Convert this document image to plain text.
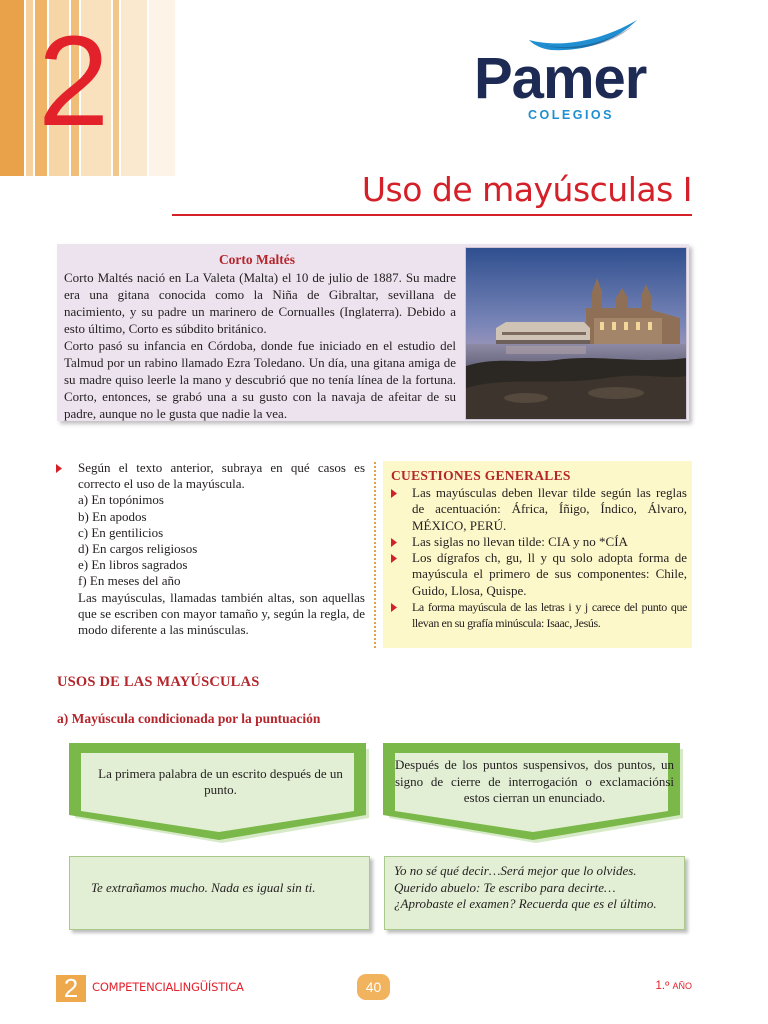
2	Pamer
COLEGIOS
Uso de mayúsculas I
Corto Maltés

Corto Maltés nació en La Valeta (Malta) el 10 de julio de 1887. Su madre era una gitana conocida como la Niña de Gibraltar, sevillana de nacimiento, y su padre un marinero de Cornualles (Inglaterra). Debido a esto último, Corto es súbdito británico.

Corto pasó su infancia en Córdoba, donde fue iniciado en el estudio del Talmud por un rabino llamado Ezra Toledano. Un día, una gitana amiga de su madre quiso leerle la mano y descubrió que no tenía línea de la fortuna. Corto, entonces, se grabó una a su gusto con la navaja de afeitar de su padre, aunque no le gusta que nadie la vea.

Según el texto anterior, subraya en qué casos es correcto el uso de la mayúscula.
a) En topónimos
b) En apodos
c) En gentilicios
d) En cargos religiosos
e) En libros sagrados
f) En meses del año

Las mayúsculas, llamadas también altas, son aquellas que se escriben con mayor tamaño y, según la regla, de modo diferente a las minúsculas.

CUESTIONES GENERALES
Las mayúsculas deben llevar tilde según las reglas de acentuación: África, Íñigo, Índico, Álvaro, MÉXICO, PERÚ.
Las siglas no llevan tilde: CIA y no *CÍA
Los dígrafos ch, gu, ll y qu solo adopta forma de mayúscula el primero de sus componentes: Chile, Guido, Llosa, Quispe.
La forma mayúscula de las letras i y j carece del punto que llevan en su grafía minúscula: Isaac, Jesús.
USOS DE LAS MAYÚSCULAS
a) Mayúscula condicionada por la puntuación
La primera palabra de un escrito después de un punto.
Después de los puntos suspensivos, dos puntos, un signo de cierre de interrogación o exclamaciónsi estos cierran un enunciado.

Te extrañamos mucho. Nada es igual sin ti.

Yo no sé qué decir…Será mejor que lo olvides.

Querido abuelo: Te escribo para decirte…

¿Aprobaste el examen? Recuerda que es el último.

2	COMPETENCIALINGÜÍSTICA	40	1.º AÑO
